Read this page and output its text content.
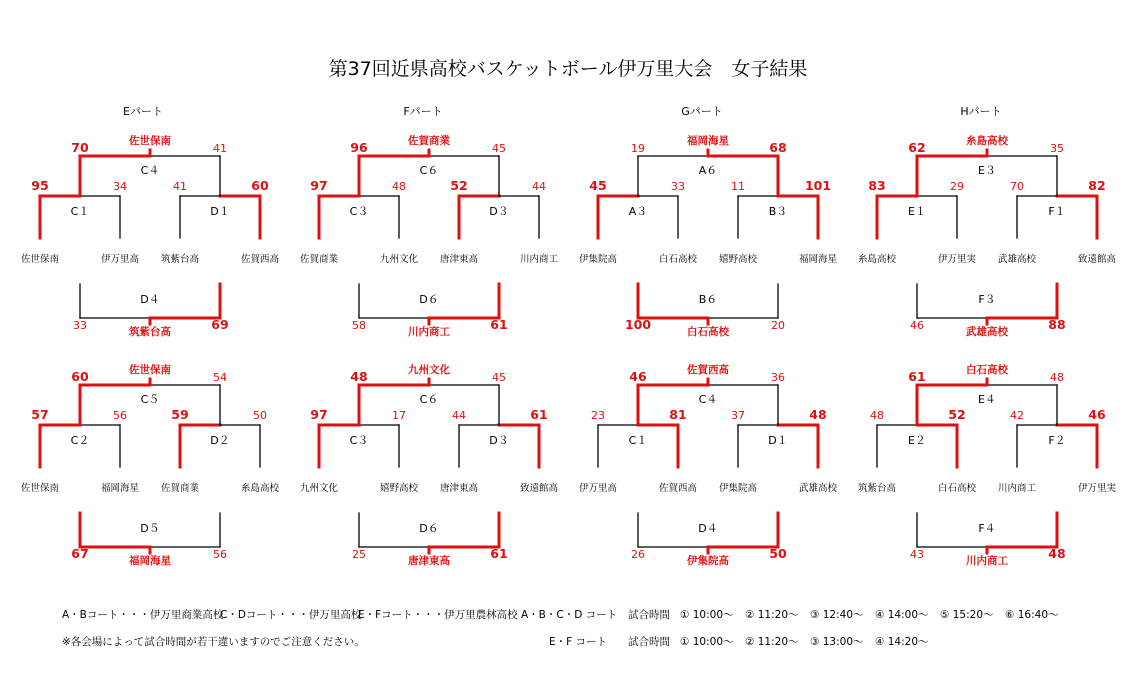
第37回近県高校バスケットボール伊万里大会　女子結果
Eパート	Fパート	Gパート	Hパート
95	34
C１
41	60
D１
70	41
C４
佐世保南
佐世保南	伊万里高 筑紫台高	佐賀西高
33	69
D４
筑紫台高
57	56
C２
59	50
D２
60	54
C５
佐世保南
佐世保南	福岡海星 佐賀商業	糸島高校
67	56
D５
福岡海星
97	48
C３
52	44
D３
96	45
C６
佐賀商業
佐賀商業	九州文化 唐津東高	川内商工
58	61
D６
川内商工
97	17
C３
44	61
D３
48	45
C６
九州文化
九州文化	嬉野高校 唐津東高	致遠館高
25	61
D６
唐津東高
45	33
A３
11	101
B３
19	68
A６
福岡海星
伊集院高	白石高校 嬉野高校	福岡海星
100	20
B６
白石高校
23	81
C１
37	48
D１
46	36
C４
佐賀西高
伊万里高	佐賀西高 伊集院高	武雄高校
26	50
D４
伊集院高
83	29
E１
70	82
F１
62	35
E３
糸島高校
糸島高校	伊万里実 武雄高校	致遠館高
46	88
F３
武雄高校
48	52
E２
42	46
F２
61	48
E４
白石高校
筑紫台高	白石高校 川内商工	伊万里実
43	48
F４
川内商工
A・Bコート・・・伊万里商業高校
C・Dコート・・・伊万里高校
E・Fコート・・・伊万里農林高校
※各会場によって試合時間が若干違いますのでご注意ください。
A・B・C・D コート 試合時間 ① 10:00～ ② 11:20～ ③ 12:40～ ④ 14:00～ ⑤ 15:20～ ⑥ 16:40～
E・F コート 試合時間 ① 10:00～ ② 11:20～ ③ 13:00～ ④ 14:20～
